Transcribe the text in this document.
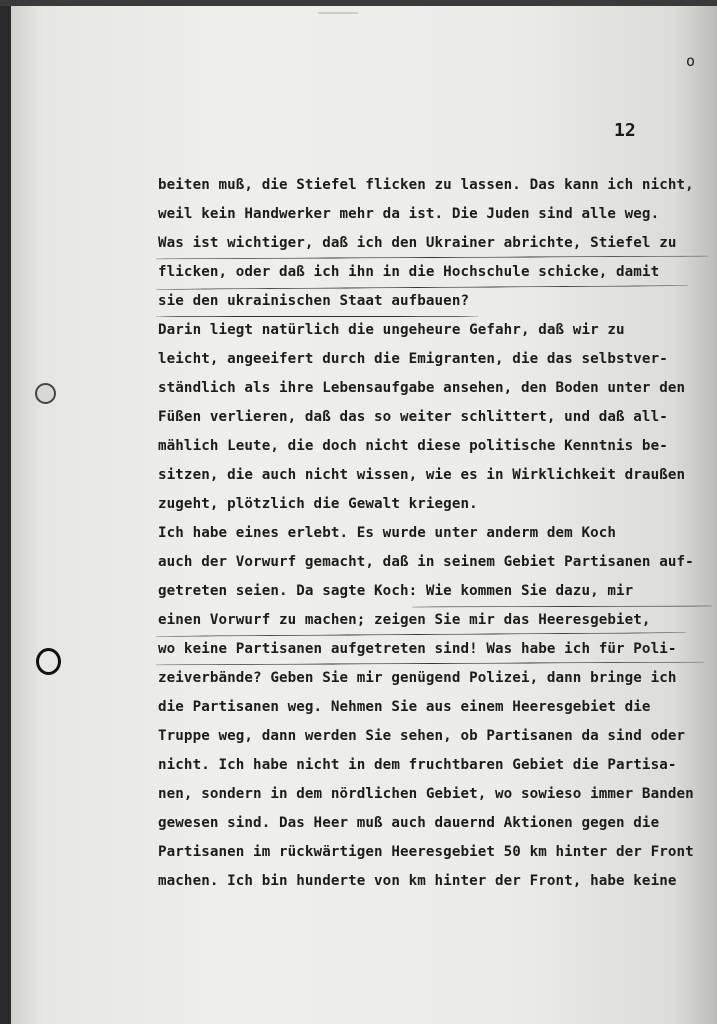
o
12
beiten muß, die Stiefel flicken zu lassen. Das kann ich nicht,
weil kein Handwerker mehr da ist. Die Juden sind alle weg.
Was ist wichtiger, daß ich den Ukrainer abrichte, Stiefel zu
flicken, oder daß ich ihn in die Hochschule schicke, damit
sie den ukrainischen Staat aufbauen?
Darin liegt natürlich die ungeheure Gefahr, daß wir zu
leicht, angeeifert durch die Emigranten, die das selbstver-
ständlich als ihre Lebensaufgabe ansehen, den Boden unter den
Füßen verlieren, daß das so weiter schlittert, und daß all-
mählich Leute, die doch nicht diese politische Kenntnis be-
sitzen, die auch nicht wissen, wie es in Wirklichkeit draußen
zugeht, plötzlich die Gewalt kriegen.
Ich habe eines erlebt. Es wurde unter anderm dem Koch
auch der Vorwurf gemacht, daß in seinem Gebiet Partisanen auf-
getreten seien. Da sagte Koch: Wie kommen Sie dazu, mir
einen Vorwurf zu machen; zeigen Sie mir das Heeresgebiet,
wo keine Partisanen aufgetreten sind! Was habe ich für Poli-
zeiverbände? Geben Sie mir genügend Polizei, dann bringe ich
die Partisanen weg. Nehmen Sie aus einem Heeresgebiet die
Truppe weg, dann werden Sie sehen, ob Partisanen da sind oder
nicht. Ich habe nicht in dem fruchtbaren Gebiet die Partisa-
nen, sondern in dem nördlichen Gebiet, wo sowieso immer Banden
gewesen sind. Das Heer muß auch dauernd Aktionen gegen die
Partisanen im rückwärtigen Heeresgebiet 50 km hinter der Front
machen. Ich bin hunderte von km hinter der Front, habe keine
